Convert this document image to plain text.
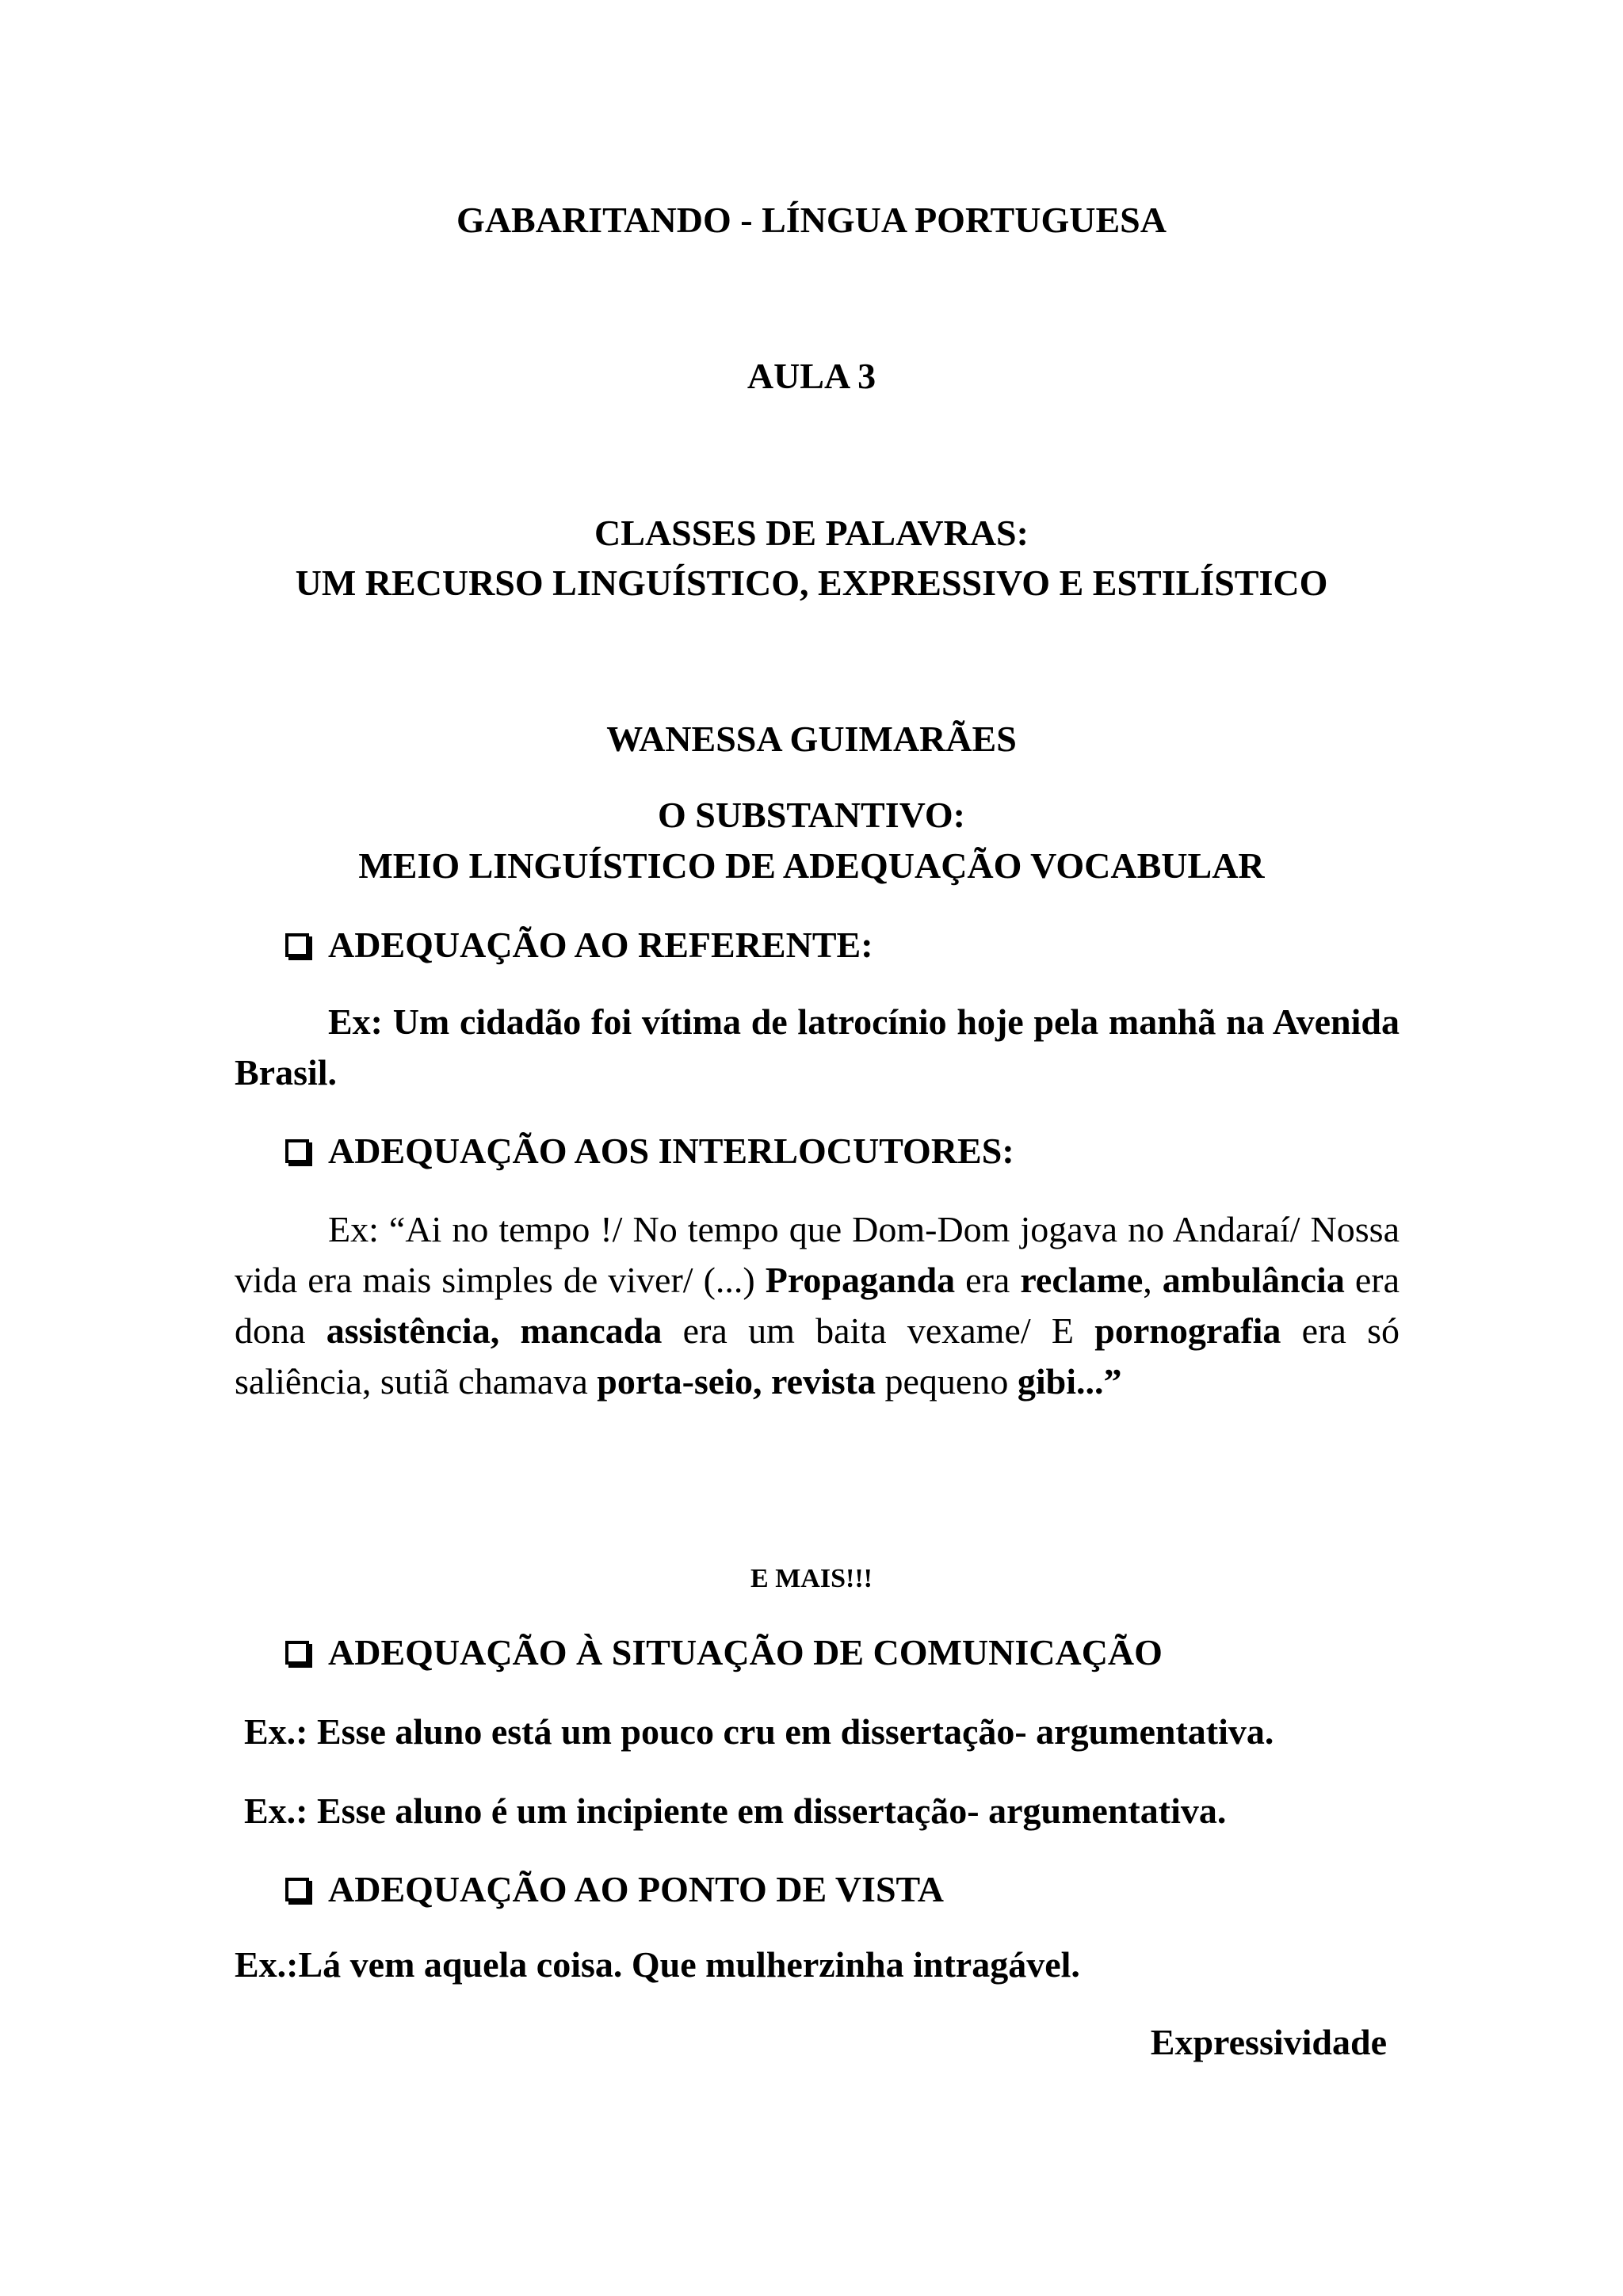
GABARITANDO - LÍNGUA PORTUGUESA
AULA 3
CLASSES DE PALAVRAS:
UM RECURSO LINGUÍSTICO, EXPRESSIVO E ESTILÍSTICO
WANESSA GUIMARÃES
O SUBSTANTIVO:
MEIO LINGUÍSTICO DE ADEQUAÇÃO VOCABULAR
ADEQUAÇÃO AO REFERENTE:

Ex: Um cidadão foi vítima de latrocínio hoje pela manhã na Avenida Brasil.

ADEQUAÇÃO AOS INTERLOCUTORES:

Ex: “Ai no tempo !/ No tempo que Dom-Dom jogava no Andaraí/ Nossa vida era mais simples de viver/ (...) Propaganda era reclame, ambulância era dona assistência, mancada era um baita vexame/ E pornografia era só saliência, sutiã chamava porta-seio, revista pequeno gibi...”

E MAIS!!!
ADEQUAÇÃO À SITUAÇÃO DE COMUNICAÇÃO
Ex.: Esse aluno está um pouco cru em dissertação- argumentativa.
Ex.: Esse aluno é um incipiente em dissertação- argumentativa.
ADEQUAÇÃO AO PONTO DE VISTA
Ex.:Lá vem aquela coisa. Que mulherzinha intragável.
Expressividade
